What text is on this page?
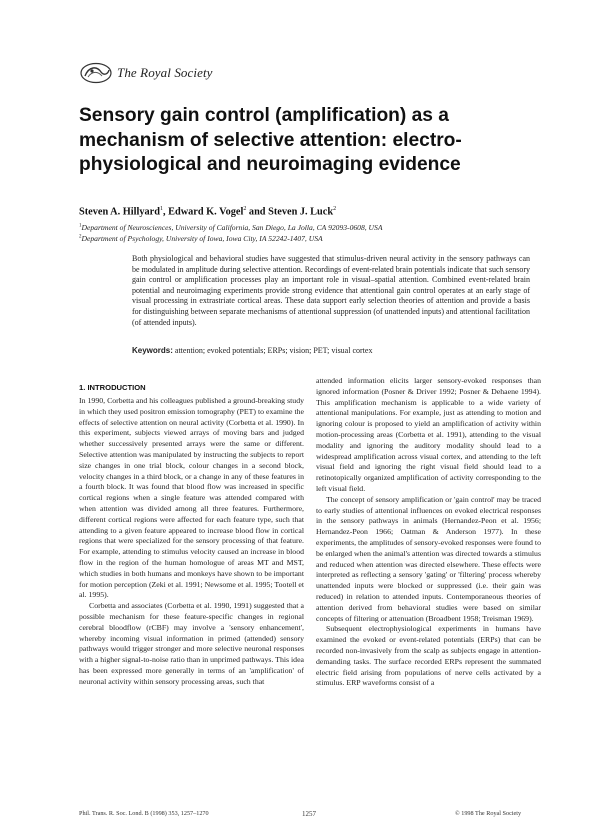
The Royal Society
Sensory gain control (amplification) as a mechanism of selective attention: electro-physiological and neuroimaging evidence
Steven A. Hillyard$^1$, Edward K. Vogel$^2$ and Steven J. Luck$^2$
$^1$Department of Neurosciences, University of California, San Diego, La Jolla, CA 92093-0608, USA
$^2$Department of Psychology, University of Iowa, Iowa City, IA 52242-1407, USA

Both physiological and behavioral studies have suggested that stimulus-driven neural activity in the sensory pathways can be modulated in amplitude during selective attention. Recordings of event-related brain potentials indicate that such sensory gain control or amplification processes play an important role in visual–spatial attention. Combined event-related brain potential and neuroimaging experiments provide strong evidence that attentional gain control operates at an early stage of visual processing in extrastriate cortical areas. These data support early selection theories of attention and provide a basis for distinguishing between separate mechanisms of attentional suppression (of unattended inputs) and attentional facilitation (of attended inputs).

Keywords: attention; evoked potentials; ERPs; vision; PET; visual cortex
1. INTRODUCTION

In 1990, Corbetta and his colleagues published a ground-breaking study in which they used positron emission tomography (PET) to examine the effects of selective attention on neural activity (Corbetta et al. 1990). In this experiment, subjects viewed arrays of moving bars and judged whether successively presented arrays were the same or different. Selective attention was manipulated by instructing the subjects to report size changes in one trial block, colour changes in a second block, velocity changes in a third block, or a change in any of these features in a fourth block. It was found that blood flow was increased in specific cortical regions when a single feature was attended compared with when attention was divided among all three features. Furthermore, different cortical regions were affected for each feature type, such that attending to a given feature appeared to increase blood flow in cortical regions that were specialized for the sensory processing of that feature. For example, attending to stimulus velocity caused an increase in blood flow in the region of the human homologue of areas MT and MST, which studies in both humans and monkeys have shown to be important for motion perception (Zeki et al. 1991; Newsome et al. 1995; Tootell et al. 1995).

Corbetta and associates (Corbetta et al. 1990, 1991) suggested that a possible mechanism for these feature-specific changes in regional cerebral bloodflow (rCBF) may involve a 'sensory enhancement', whereby incoming visual information in primed (attended) sensory pathways would trigger stronger and more selective neuronal responses with a higher signal-to-noise ratio than in unprimed pathways. This idea has been expressed more generally in terms of an 'amplification' of neuronal activity within sensory processing areas, such that

attended information elicits larger sensory-evoked responses than ignored information (Posner & Driver 1992; Posner & Dehaene 1994). This amplification mechanism is applicable to a wide variety of attentional manipulations. For example, just as attending to motion and ignoring colour is proposed to yield an amplification of activity within motion-processing areas (Corbetta et al. 1991), attending to the visual modality and ignoring the auditory modality should lead to a widespread amplification across visual cortex, and attending to the left visual field and ignoring the right visual field should lead to a retinotopically organized amplification of activity corresponding to the left visual field.

The concept of sensory amplification or 'gain control' may be traced to early studies of attentional influences on evoked electrical responses in the sensory pathways in animals (Hernandez-Peon et al. 1956; Hernandez-Peon 1966; Oatman & Anderson 1977). In these experiments, the amplitudes of sensory-evoked responses were found to be enlarged when the animal's attention was directed towards a stimulus and reduced when attention was directed elsewhere. These effects were interpreted as reflecting a sensory 'gating' or 'filtering' process whereby unattended inputs were blocked or suppressed (i.e. their gain was reduced) in relation to attended inputs. Contemporaneous theories of attention derived from behavioral studies were based on similar concepts of filtering or attenuation (Broadbent 1958; Treisman 1969).

Subsequent electrophysiological experiments in humans have examined the evoked or event-related potentials (ERPs) that can be recorded non-invasively from the scalp as subjects engage in attention-demanding tasks. The surface recorded ERPs represent the summated electric field arising from populations of nerve cells activated by a stimulus. ERP waveforms consist of a

Phil. Trans. R. Soc. Lond. B (1998) 353, 1257–1270	1257	© 1998 The Royal Society
